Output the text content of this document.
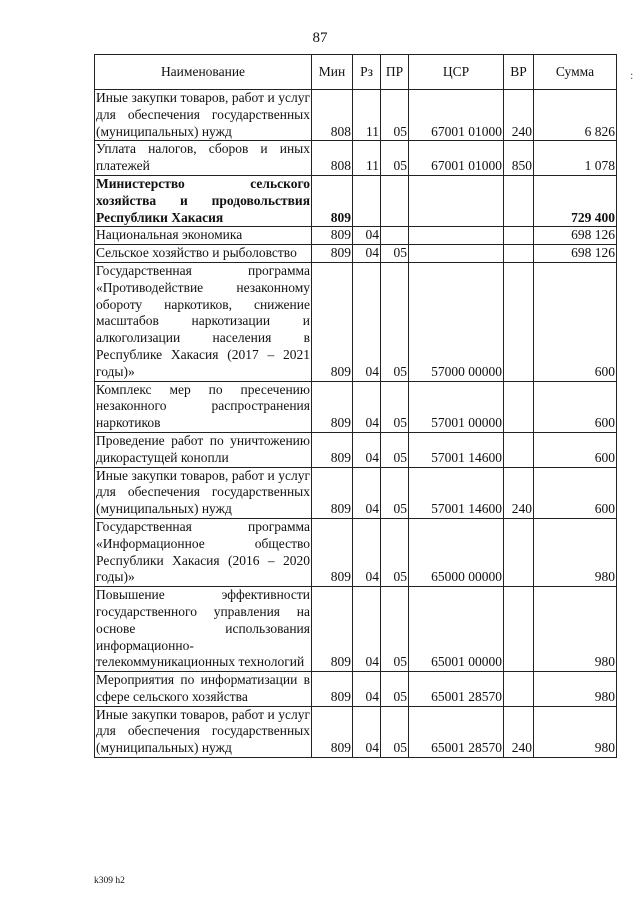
87
:
Наименование	Мин	Рз	ПР	ЦСР	ВР	Сумма
Иные закупки товаров, работ и услуг для обеспечения государственных (муниципальных) нужд	808	11	05	67001 01000	240	6 826
Уплата налогов, сборов и иных платежей	808	11	05	67001 01000	850	1 078
Министерство сельского хозяйства и продовольствия Республики Хакасия	809					729 400
Национальная экономика	809	04				698 126
Сельское хозяйство и рыболовство	809	04	05			698 126
Государственная программа «Противодействие незаконному обороту наркотиков, снижение масштабов наркотизации и алкоголизации населения в Республике Хакасия (2017 – 2021 годы)»	809	04	05	57000 00000		600
Комплекс мер по пресечению незаконного распространения наркотиков	809	04	05	57001 00000		600
Проведение работ по уничтожению дикорастущей конопли	809	04	05	57001 14600		600
Иные закупки товаров, работ и услуг для обеспечения государственных (муниципальных) нужд	809	04	05	57001 14600	240	600
Государственная программа «Информационное общество Республики Хакасия (2016 – 2020 годы)»	809	04	05	65000 00000		980
Повышение эффективности государственного управления на основе использования информационно-телекоммуникационных технологий	809	04	05	65001 00000		980
Мероприятия по информатизации в сфере сельского хозяйства	809	04	05	65001 28570		980
Иные закупки товаров, работ и услуг для обеспечения государственных (муниципальных) нужд	809	04	05	65001 28570	240	980
k309 h2
